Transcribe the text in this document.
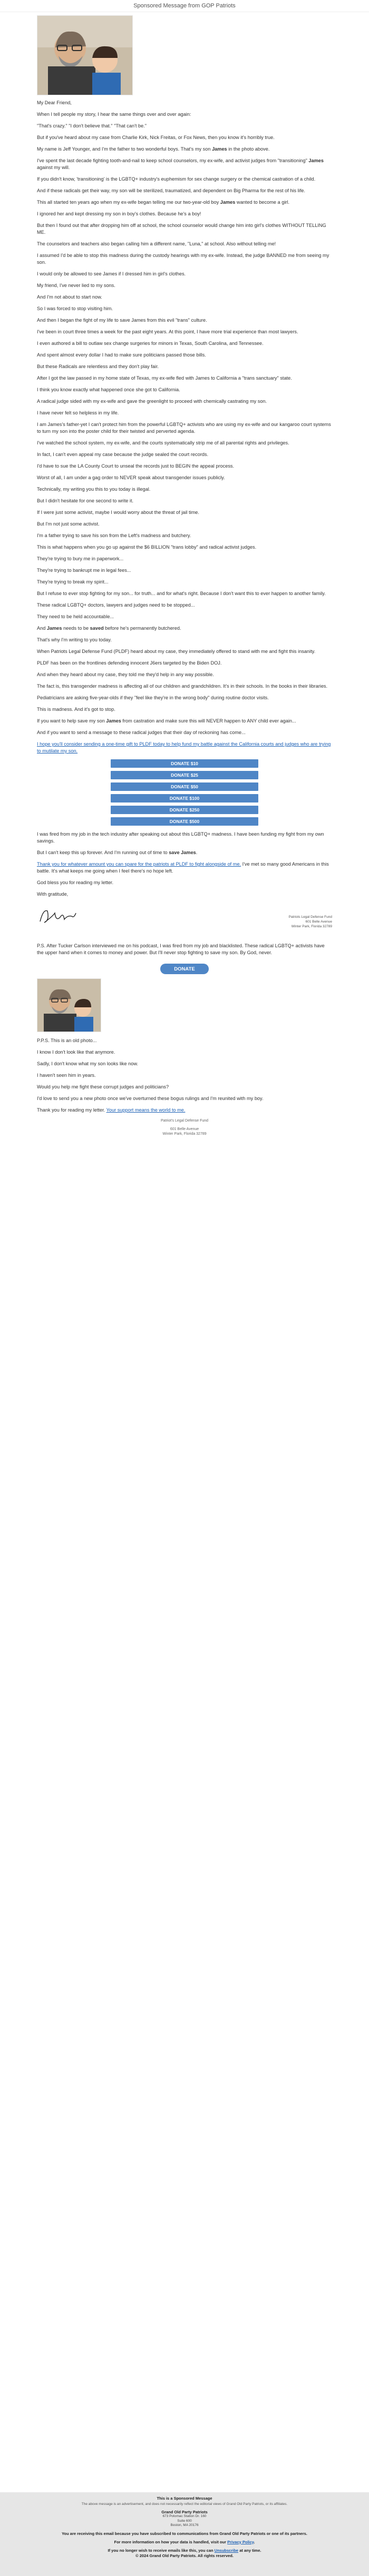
Sponsored Message from GOP Patriots

My Dear Friend,

When I tell people my story, I hear the same things over and over again:

"That's crazy." "I don't believe that." "That can't be."

But if you've heard about my case from Charlie Kirk, Nick Freitas, or Fox News, then you know it's horribly true.

My name is Jeff Younger, and I'm the father to two wonderful boys. That's my son James in the photo above.

I've spent the last decade fighting tooth-and-nail to keep school counselors, my ex-wife, and activist judges from "transitioning" James against my will.

If you didn't know, 'transitioning' is the LGBTQ+ industry's euphemism for sex change surgery or the chemical castration of a child.

And if these radicals get their way, my son will be sterilized, traumatized, and dependent on Big Pharma for the rest of his life.

This all started ten years ago when my ex-wife began telling me our two-year-old boy James wanted to become a girl.

I ignored her and kept dressing my son in boy's clothes. Because he's a boy!

But then I found out that after dropping him off at school, the school counselor would change him into girl's clothes WITHOUT TELLING ME.

The counselors and teachers also began calling him a different name, "Luna," at school. Also without telling me!

I assumed I'd be able to stop this madness during the custody hearings with my ex-wife. Instead, the judge BANNED me from seeing my son.

I would only be allowed to see James if I dressed him in girl's clothes.

My friend, I've never lied to my sons.

And I'm not about to start now.

So I was forced to stop visiting him.

And then I began the fight of my life to save James from this evil "trans" culture.

I've been in court three times a week for the past eight years. At this point, I have more trial experience than most lawyers.

I even authored a bill to outlaw sex change surgeries for minors in Texas, South Carolina, and Tennessee.

And spent almost every dollar I had to make sure politicians passed those bills.

But these Radicals are relentless and they don't play fair.

After I got the law passed in my home state of Texas, my ex-wife fled with James to California a "trans sanctuary" state.

I think you know exactly what happened once she got to California.

A radical judge sided with my ex-wife and gave the greenlight to proceed with chemically castrating my son.

I have never felt so helpless in my life.

I am James's father-yet I can't protect him from the powerful LGBTQ+ activists who are using my ex-wife and our kangaroo court systems to turn my son into the poster child for their twisted and perverted agenda.

I've watched the school system, my ex-wife, and the courts systematically strip me of all parental rights and privileges.

In fact, I can't even appeal my case because the judge sealed the court records.

I'd have to sue the LA County Court to unseal the records just to BEGIN the appeal process.

Worst of all, I am under a gag order to NEVER speak about transgender issues publicly.

Technically, my writing you this to you today is illegal.

But I didn't hesitate for one second to write it.

If I were just some activist, maybe I would worry about the threat of jail time.

But I'm not just some activist.

I'm a father trying to save his son from the Left's madness and butchery.

This is what happens when you go up against the $6 BILLION "trans lobby" and radical activist judges.

They're trying to bury me in paperwork...

They're trying to bankrupt me in legal fees...

They're trying to break my spirit...

But I refuse to ever stop fighting for my son... for truth... and for what's right. Because I don't want this to ever happen to another family.

These radical LGBTQ+ doctors, lawyers and judges need to be stopped...

They need to be held accountable...

And James needs to be saved before he's permanently butchered.

That's why I'm writing to you today.

When Patriots Legal Defense Fund (PLDF) heard about my case, they immediately offered to stand with me and fight this insanity.

PLDF has been on the frontlines defending innocent J6ers targeted by the Biden DOJ.

And when they heard about my case, they told me they'd help in any way possible.

The fact is, this transgender madness is affecting all of our children and grandchildren. It's in their schools. In the books in their libraries.

Pediatricians are asking five-year-olds if they "feel like they're in the wrong body" during routine doctor visits.

This is madness. And it's got to stop.

If you want to help save my son James from castration and make sure this will NEVER happen to ANY child ever again...

And if you want to send a message to these radical judges that their day of reckoning has come...

I hope you'll consider sending a one-time gift to PLDF today to help fund my battle against the California courts and judges who are trying to mutilate my son.

DONATE $10
DONATE $25
DONATE $50
DONATE $100
DONATE $250
DONATE $500

I was fired from my job in the tech industry after speaking out about this LGBTQ+ madness. I have been funding my fight from my own savings.

But I can't keep this up forever. And I'm running out of time to save James.

Thank you for whatever amount you can spare for the patriots at PLDF to fight alongside of me. I've met so many good Americans in this battle. It's what keeps me going when I feel there's no hope left.

God bless you for reading my letter.

With gratitude,

Patriots Legal Defense Fund
601 Belle Avenue
Winter Park, Florida 32789

P.S. After Tucker Carlson interviewed me on his podcast, I was fired from my job and blacklisted. These radical LGBTQ+ activists have the upper hand when it comes to money and power. But I'll never stop fighting to save my son. By God, never.

DONATE

P.P.S. This is an old photo...

I know I don't look like that anymore.

Sadly, I don't know what my son looks like now.

I haven't seen him in years.

Would you help me fight these corrupt judges and politicians?

I'd love to send you a new photo once we've overturned these bogus rulings and I'm reunited with my boy.

Thank you for reading my letter. Your support means the world to me.

Patriot's Legal Defense Fund
601 Belle Avenue
Winter Park, Florida 32789
This is a Sponsored Message
The above message is an advertisement, and does not necessarily reflect the editorial views of Grand Old Party Patriots, or its affiliates.
Grand Old Party Patriots
673 Potomac Station Dr. 160
Suite 600
Boston, MA 20176
You are receiving this email because you have subscribed to communications from Grand Old Party Patriots or one of its partners.
For more information on how your data is handled, visit our Privacy Policy.
If you no longer wish to receive emails like this, you can Unsubscribe at any time.
© 2024 Grand Old Party Patriots. All rights reserved.
